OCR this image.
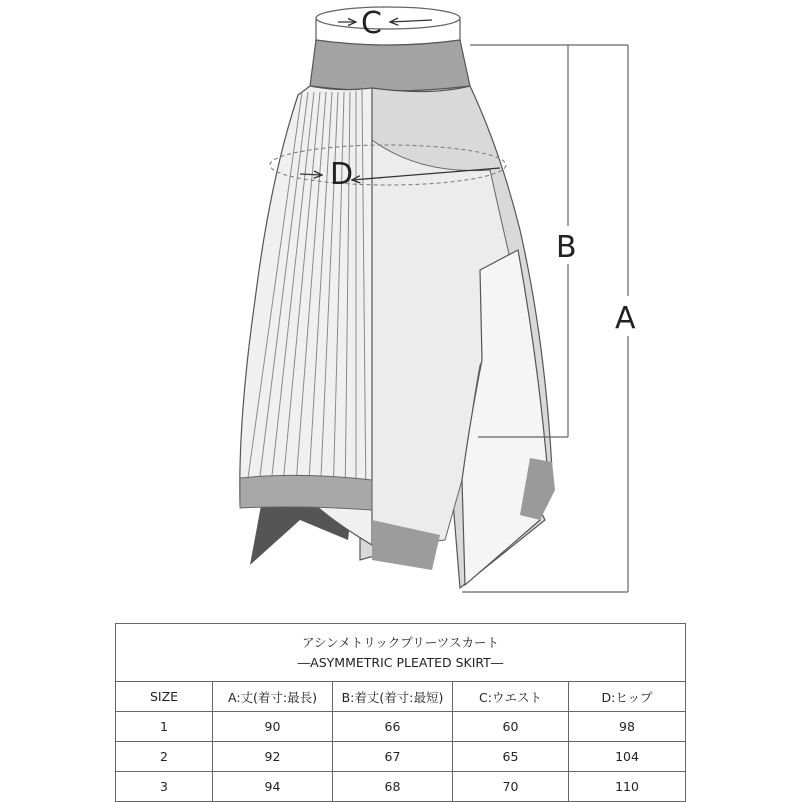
D
C
B
A
アシンメトリックプリーツスカート
―ASYMMETRIC PLEATED SKIRT―				

SIZE	A:丈(着寸:最長)	B:着丈(着寸:最短)	C:ウエスト	D:ヒップ
1	90	66	60	98
2	92	67	65	104
3	94	68	70	110
